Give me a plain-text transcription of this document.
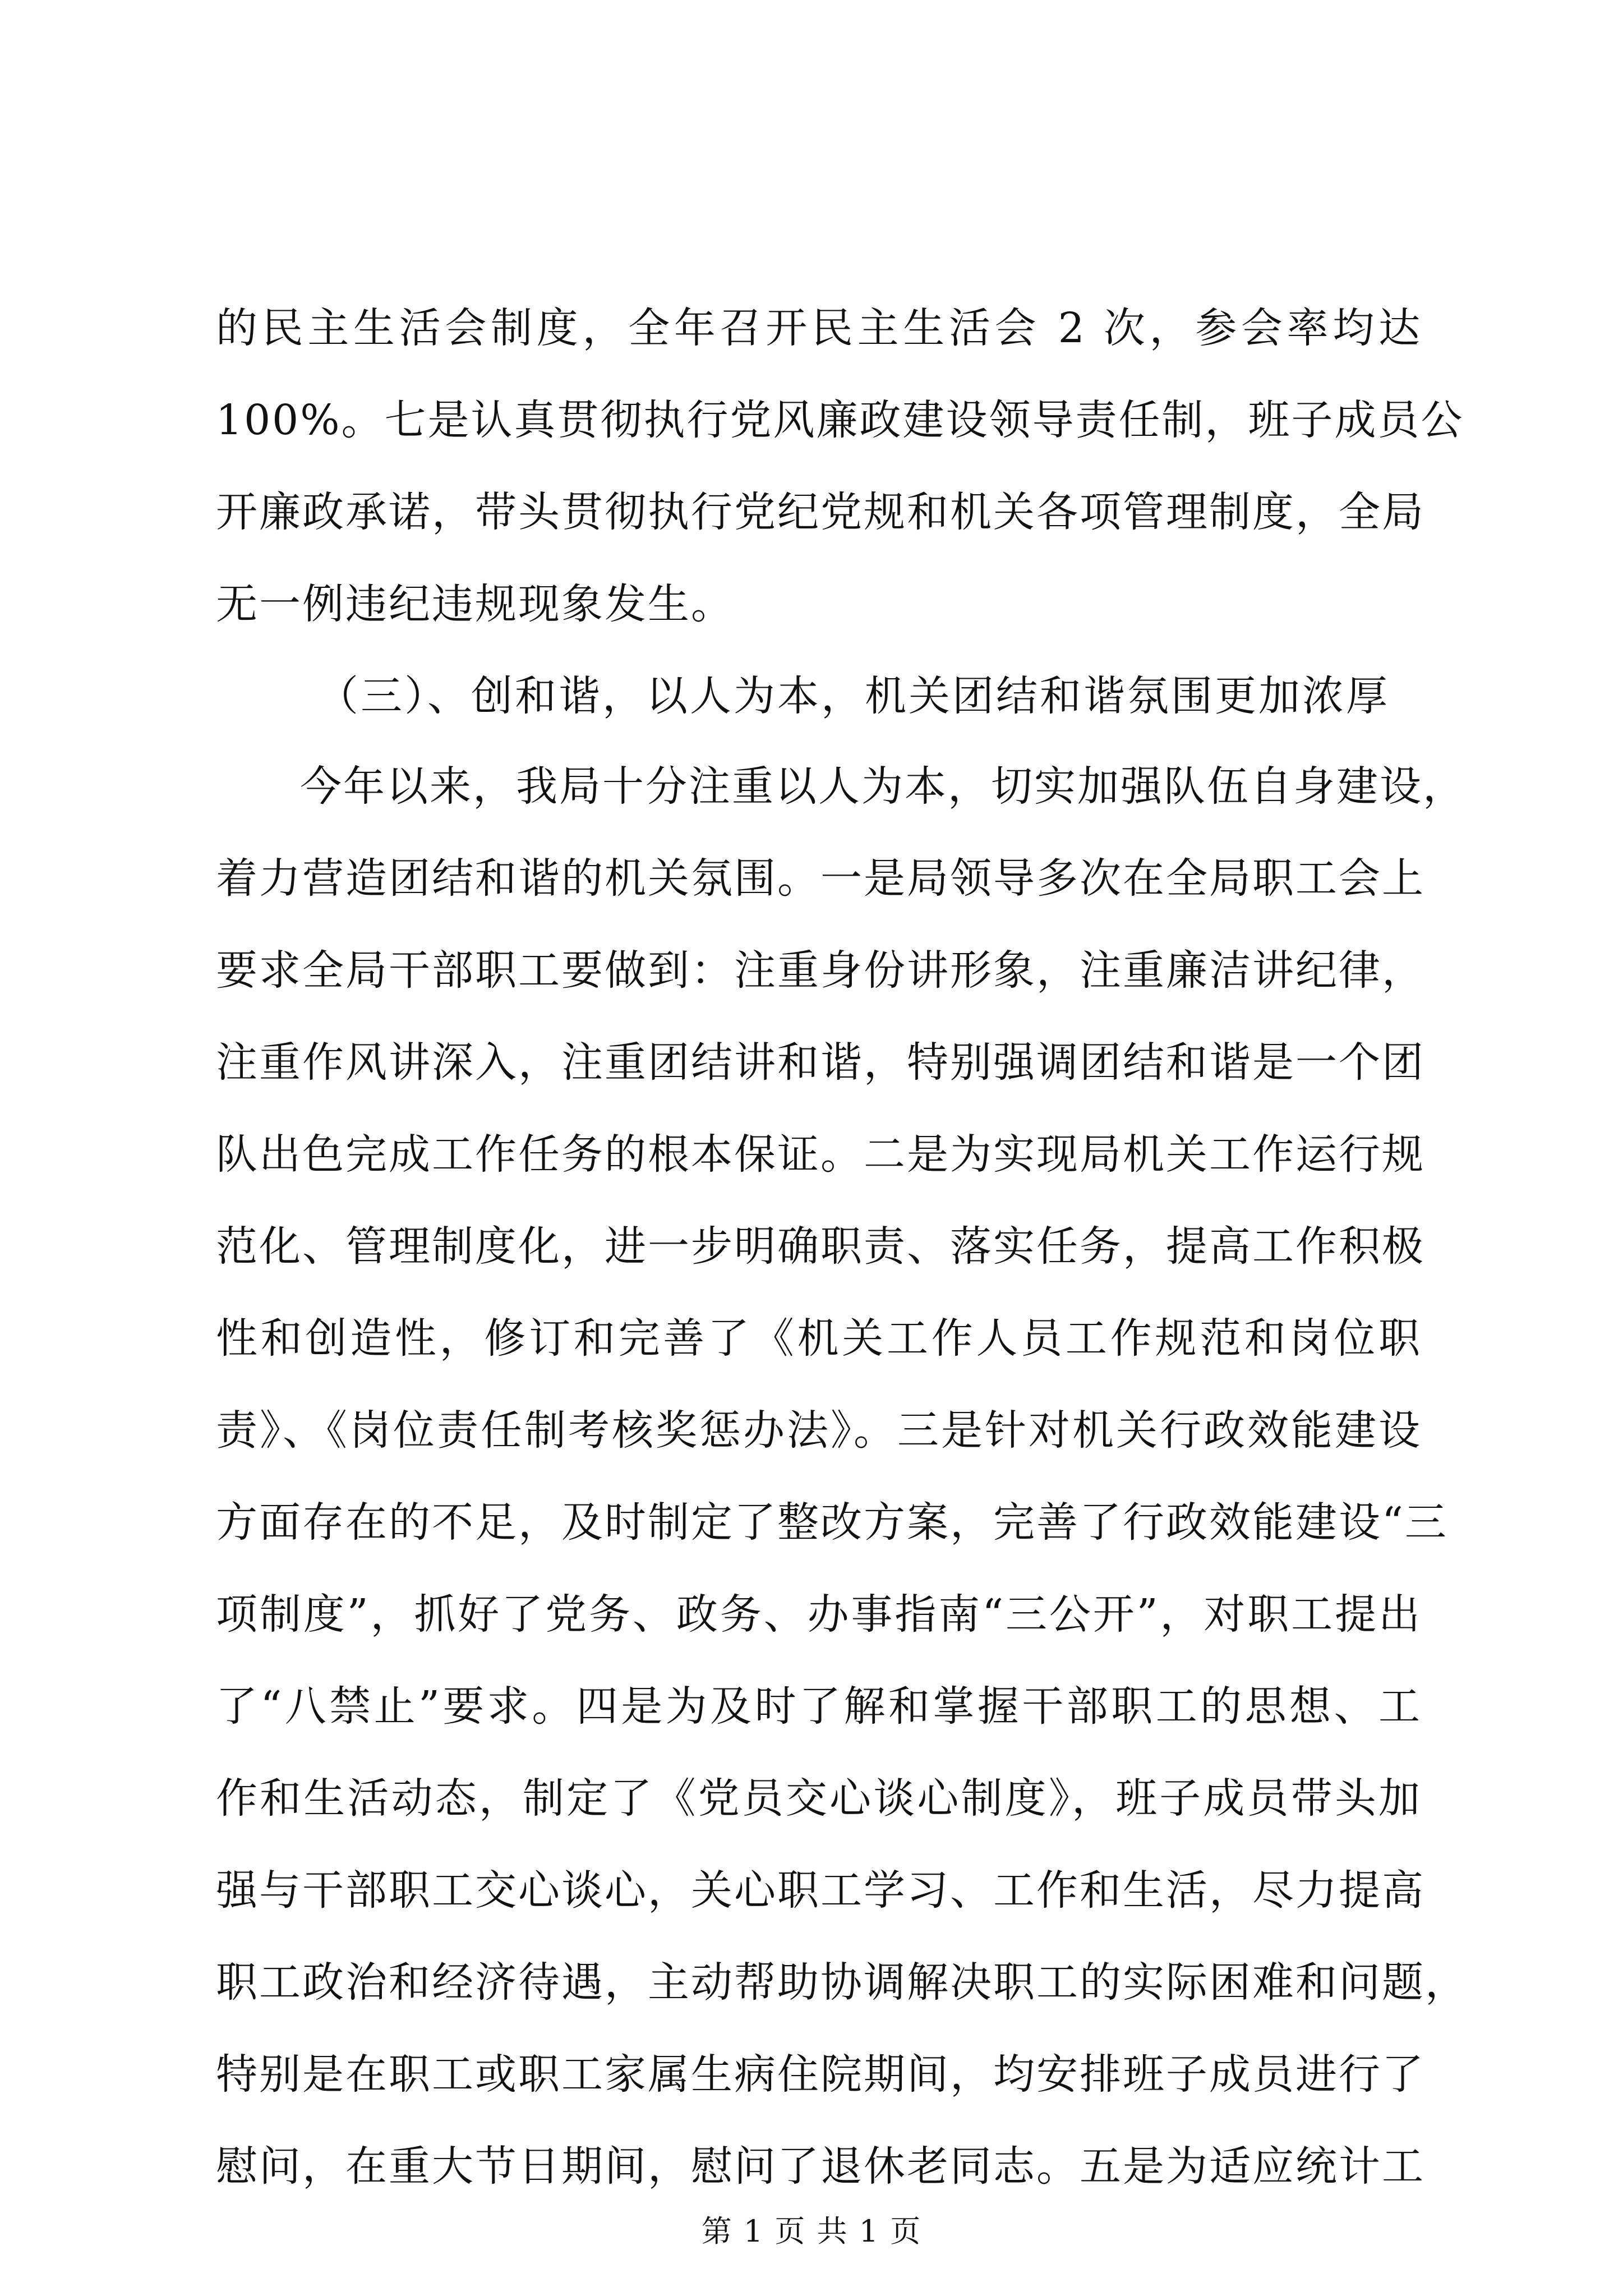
的民主生活会制度，全年召开民主生活会 2 次，参会率均达
100%。七是认真贯彻执行党风廉政建设领导责任制，班子成员公
开廉政承诺，带头贯彻执行党纪党规和机关各项管理制度，全局
无一例违纪违规现象发生。
（三）、创和谐，以人为本，机关团结和谐氛围更加浓厚
今年以来，我局十分注重以人为本，切实加强队伍自身建设，
着力营造团结和谐的机关氛围。一是局领导多次在全局职工会上
要求全局干部职工要做到：注重身份讲形象，注重廉洁讲纪律，
注重作风讲深入，注重团结讲和谐，特别强调团结和谐是一个团
队出色完成工作任务的根本保证。二是为实现局机关工作运行规
范化、管理制度化，进一步明确职责、落实任务，提高工作积极
性和创造性，修订和完善了《机关工作人员工作规范和岗位职
责》、《岗位责任制考核奖惩办法》。三是针对机关行政效能建设
方面存在的不足，及时制定了整改方案，完善了行政效能建设“三
项制度”，抓好了党务、政务、办事指南“三公开”，对职工提出
了“八禁止”要求。四是为及时了解和掌握干部职工的思想、工
作和生活动态，制定了《党员交心谈心制度》，班子成员带头加
强与干部职工交心谈心，关心职工学习、工作和生活，尽力提高
职工政治和经济待遇，主动帮助协调解决职工的实际困难和问题，
特别是在职工或职工家属生病住院期间，均安排班子成员进行了
慰问，在重大节日期间，慰问了退休老同志。五是为适应统计工
第 1 页 共 1 页
